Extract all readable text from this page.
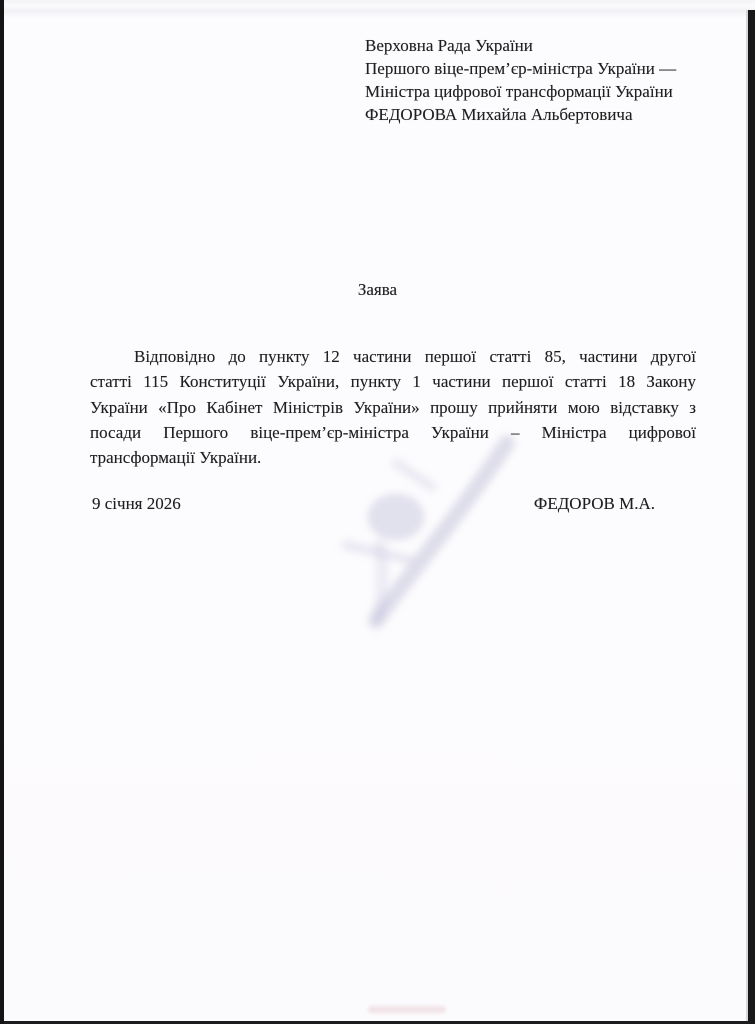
Верховна Рада України
Першого віце-прем’єр-міністра України —
Міністра цифрової трансформації України
ФЕДОРОВА Михайла Альбертовича
Заява
Відповідно до пункту 12 частини першої статті 85, частини другої
статті 115 Конституції України, пункту 1 частини першої статті 18 Закону
України «Про Кабінет Міністрів України» прошу прийняти мою відставку з
посади Першого віце-прем’єр-міністра України – Міністра цифрової
трансформації України.
9 січня 2026	ФЕДОРОВ М.А.
